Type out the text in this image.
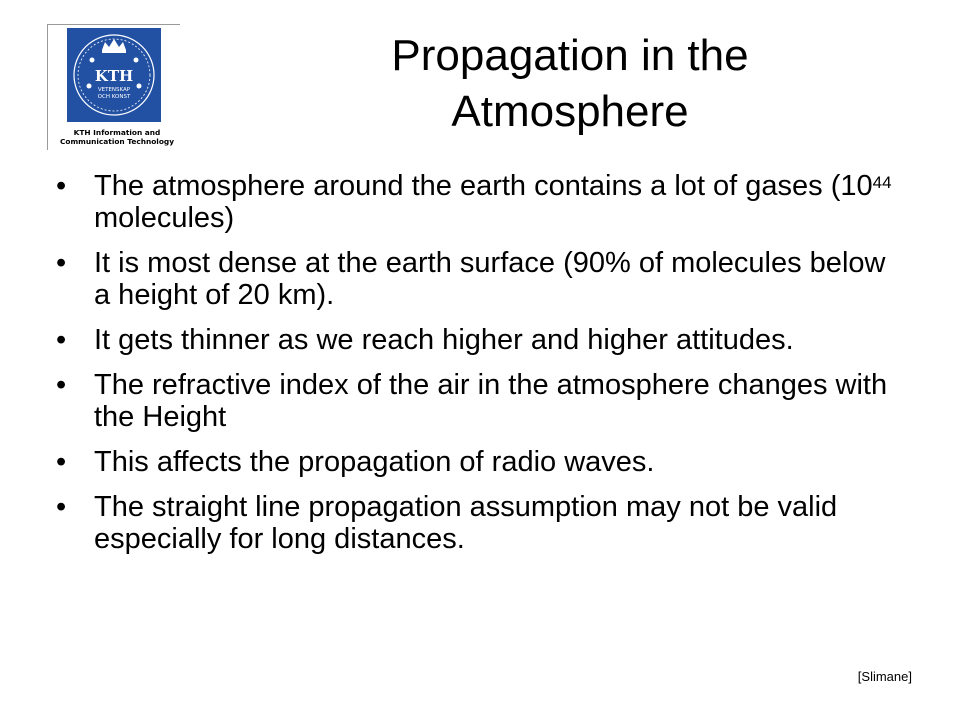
KTH
VETENSKAP
OCH KONST
KTH Information and
Communication Technology
Propagation in the
Atmosphere
• The atmosphere around the earth contains a lot of gases ($10^{44}$ molecules)
• It is most dense at the earth surface (90% of molecules below a height of 20 km).
• It gets thinner as we reach higher and higher attitudes.
• The refractive index of the air in the atmosphere changes with the Height
• This affects the propagation of radio waves.
• The straight line propagation assumption may not be valid especially for long distances.
[Slimane]
